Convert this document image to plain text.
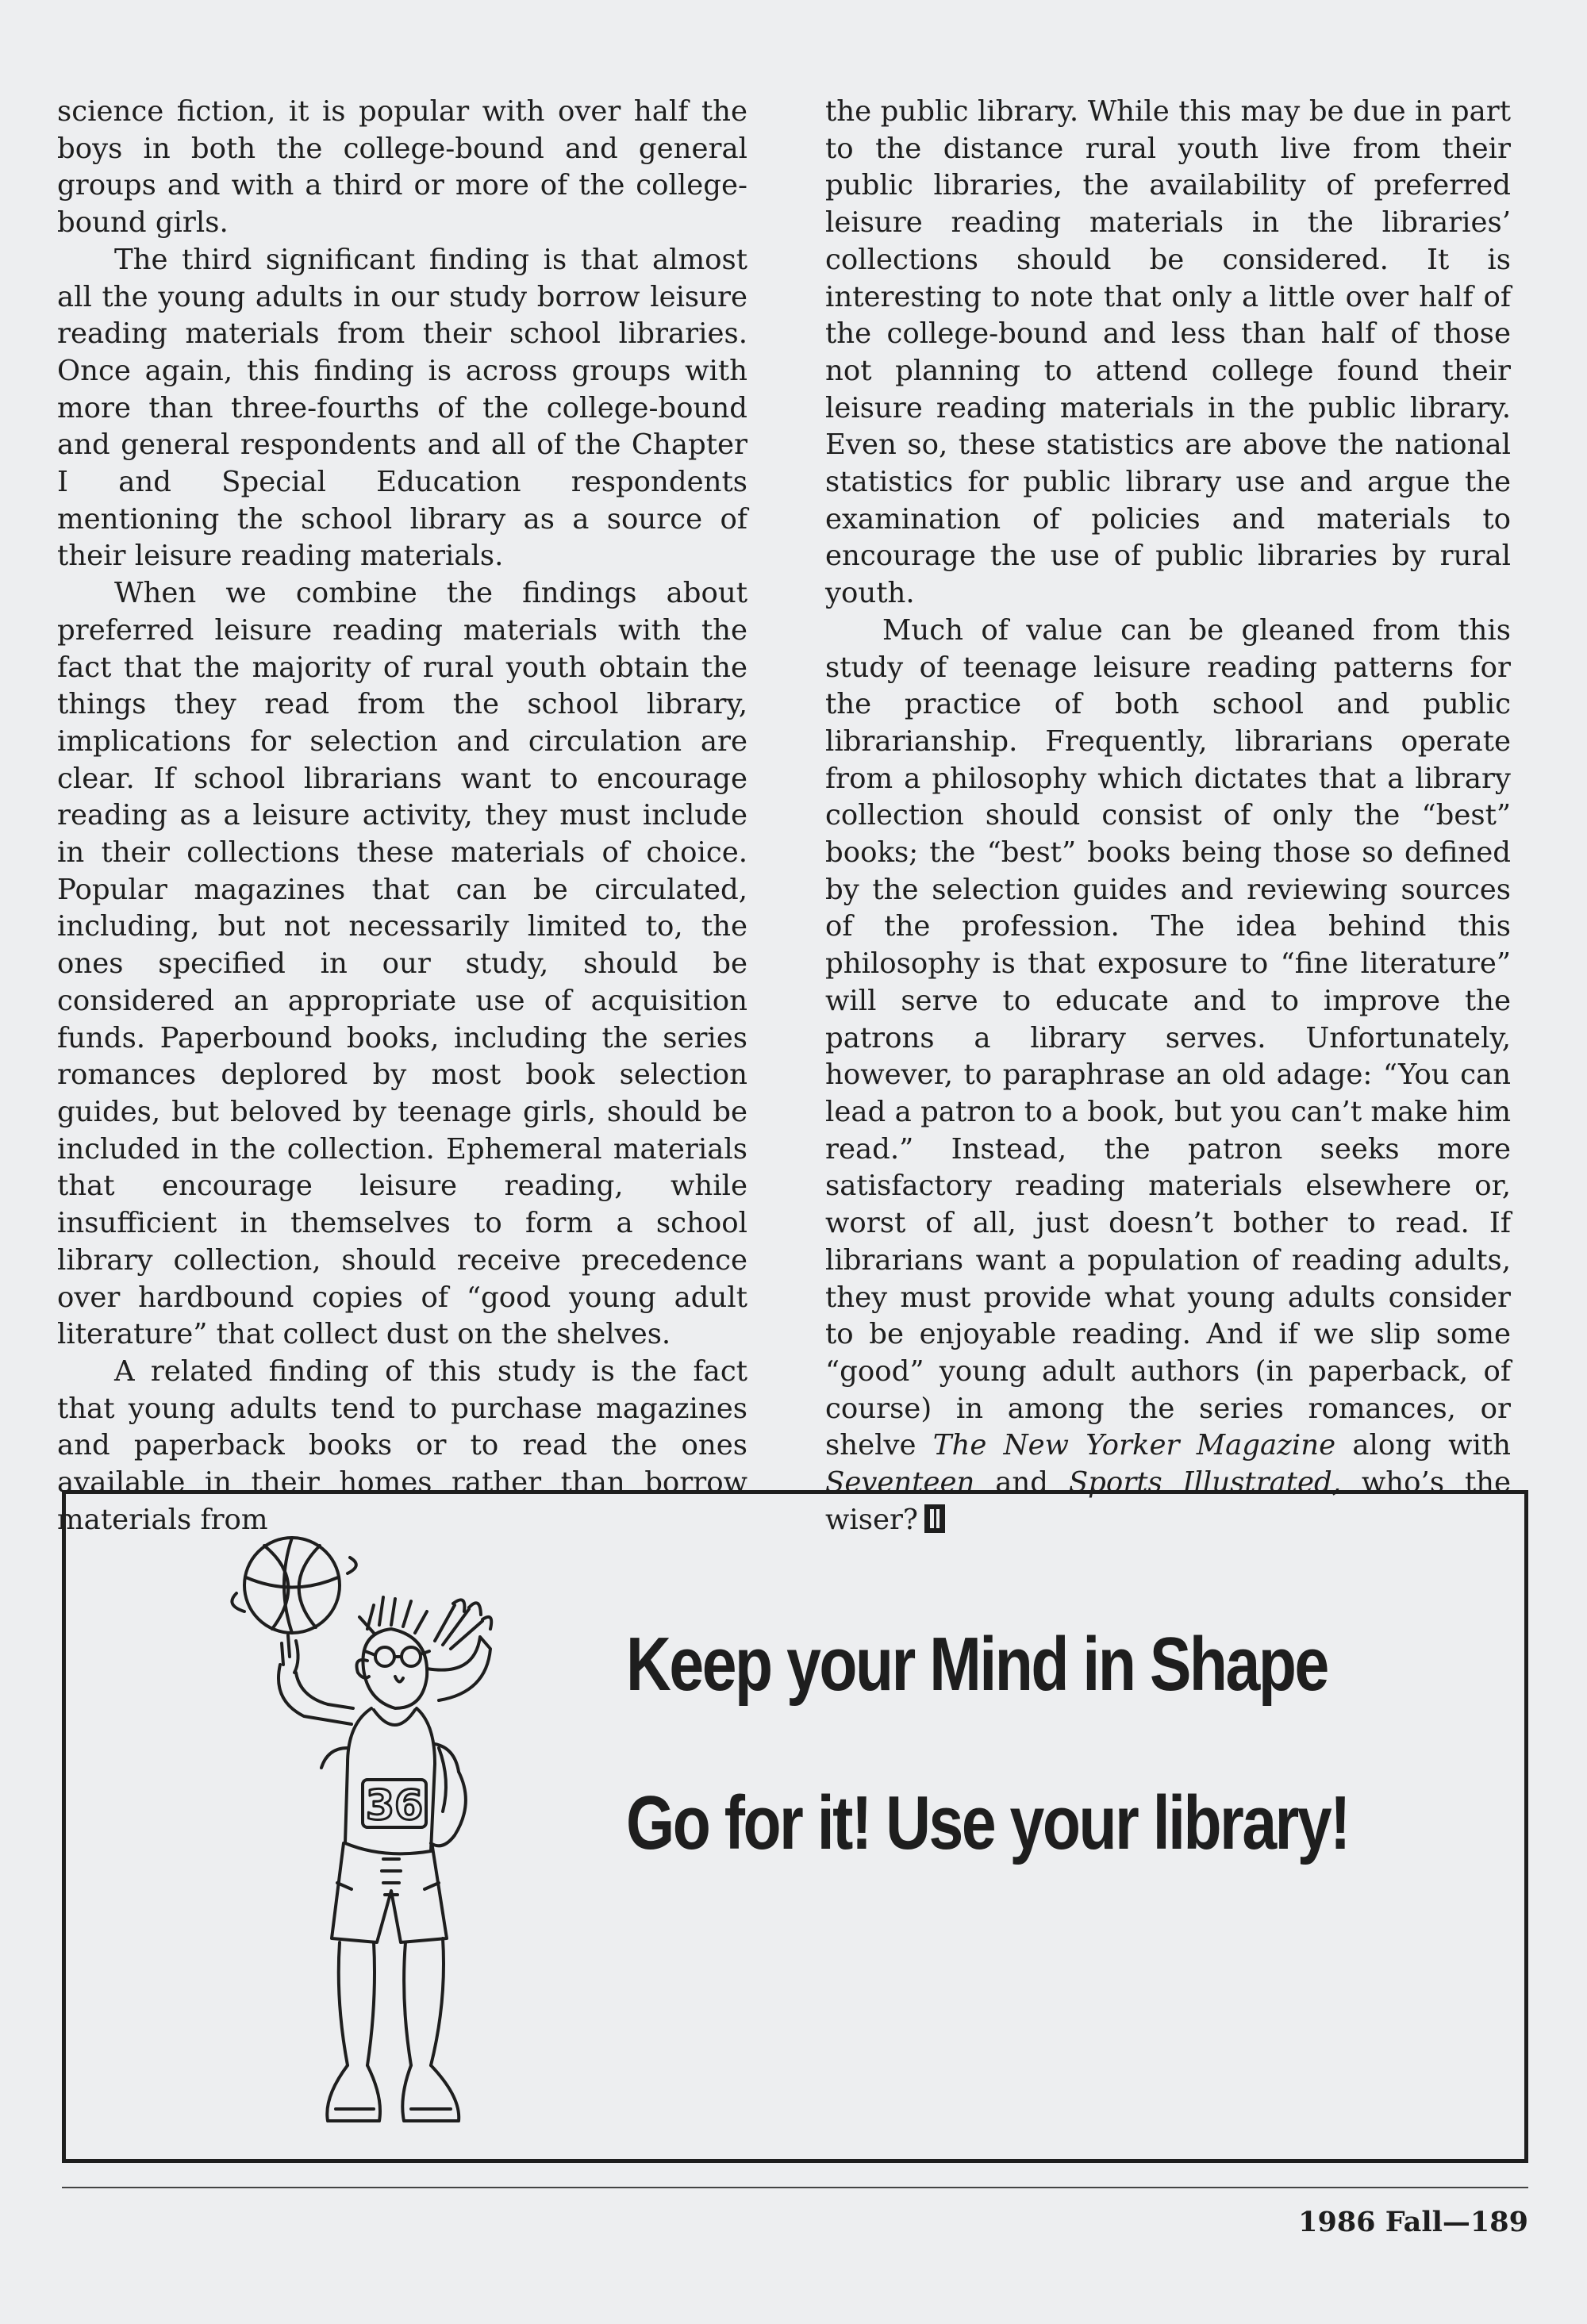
science fiction, it is popular with over half the boys in both the college-bound and general groups and with a third or more of the college-bound girls.

The third significant finding is that almost all the young adults in our study borrow leisure reading materials from their school libraries. Once again, this finding is across groups with more than three-fourths of the college-bound and general respondents and all of the Chapter I and Special Education respondents mentioning the school library as a source of their leisure reading materials.

When we combine the findings about preferred leisure reading materials with the fact that the majority of rural youth obtain the things they read from the school library, implications for selection and circulation are clear. If school librarians want to encourage reading as a leisure activity, they must include in their collections these materials of choice. Popular magazines that can be circulated, including, but not necessarily limited to, the ones specified in our study, should be considered an appropriate use of acquisition funds. Paperbound books, including the series romances deplored by most book selection guides, but beloved by teenage girls, should be included in the collection. Ephemeral materials that encourage leisure reading, while insufficient in themselves to form a school library collection, should receive precedence over hardbound copies of “good young adult literature” that collect dust on the shelves.

A related finding of this study is the fact that young adults tend to purchase magazines and paperback books or to read the ones available in their homes rather than borrow materials from

the public library. While this may be due in part to the distance rural youth live from their public libraries, the availability of preferred leisure reading materials in the libraries’ collections should be considered. It is interesting to note that only a little over half of the college-bound and less than half of those not planning to attend college found their leisure reading materials in the public library. Even so, these statistics are above the national statistics for public library use and argue the examination of policies and materials to encourage the use of public libraries by rural youth.

Much of value can be gleaned from this study of teenage leisure reading patterns for the practice of both school and public librarianship. Frequently, librarians operate from a philosophy which dictates that a library collection should consist of only the “best” books; the “best” books being those so defined by the selection guides and reviewing sources of the profession. The idea behind this philosophy is that exposure to “fine literature” will serve to educate and to improve the patrons a library serves. Unfortunately, however, to paraphrase an old adage: “You can lead a patron to a book, but you can’t make him read.” Instead, the patron seeks more satisfactory reading materials elsewhere or, worst of all, just doesn’t bother to read. If librarians want a population of reading adults, they must provide what young adults consider to be enjoyable reading. And if we slip some “good” young adult authors (in paperback, of course) in among the series romances, or shelve The New Yorker Magazine along with Seventeen and Sports Illustrated, who’s the wiser?

36
Keep your Mind in Shape
Go for it! Use your library!
1986 Fall—189
